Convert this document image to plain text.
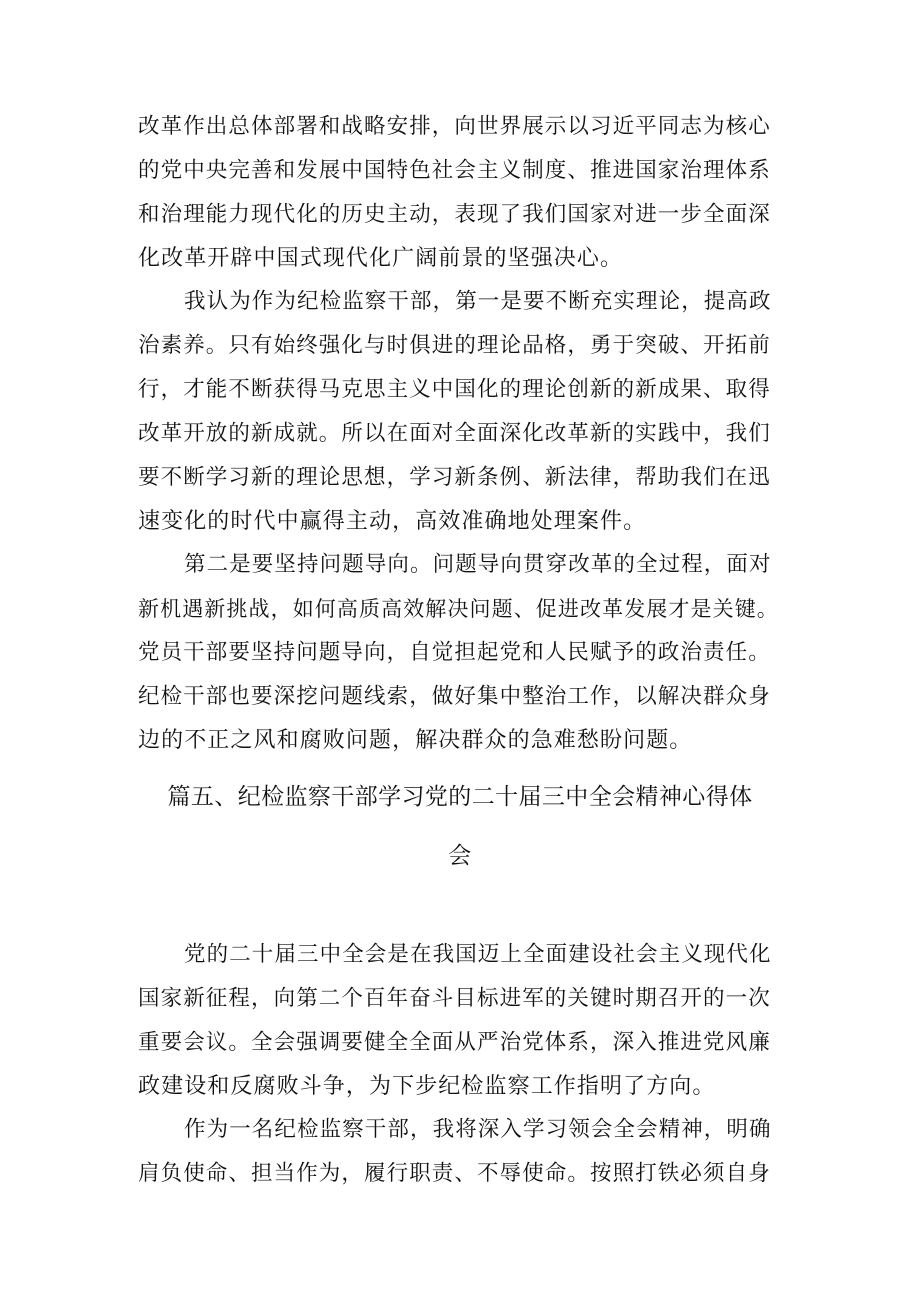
改革作出总体部署和战略安排，向世界展示以习近平同志为核心
的党中央完善和发展中国特色社会主义制度、推进国家治理体系
和治理能力现代化的历史主动，表现了我们国家对进一步全面深
化改革开辟中国式现代化广阔前景的坚强决心。
我认为作为纪检监察干部，第一是要不断充实理论，提高政
治素养。只有始终强化与时俱进的理论品格，勇于突破、开拓前
行，才能不断获得马克思主义中国化的理论创新的新成果、取得
改革开放的新成就。所以在面对全面深化改革新的实践中，我们
要不断学习新的理论思想，学习新条例、新法律，帮助我们在迅
速变化的时代中赢得主动，高效准确地处理案件。
第二是要坚持问题导向。问题导向贯穿改革的全过程，面对
新机遇新挑战，如何高质高效解决问题、促进改革发展才是关键。
党员干部要坚持问题导向，自觉担起党和人民赋予的政治责任。
纪检干部也要深挖问题线索，做好集中整治工作，以解决群众身
边的不正之风和腐败问题，解决群众的急难愁盼问题。
篇五、纪检监察干部学习党的二十届三中全会精神心得体
会
党的二十届三中全会是在我国迈上全面建设社会主义现代化
国家新征程，向第二个百年奋斗目标进军的关键时期召开的一次
重要会议。全会强调要健全全面从严治党体系，深入推进党风廉
政建设和反腐败斗争，为下步纪检监察工作指明了方向。
作为一名纪检监察干部，我将深入学习领会全会精神，明确
肩负使命、担当作为，履行职责、不辱使命。按照打铁必须自身
